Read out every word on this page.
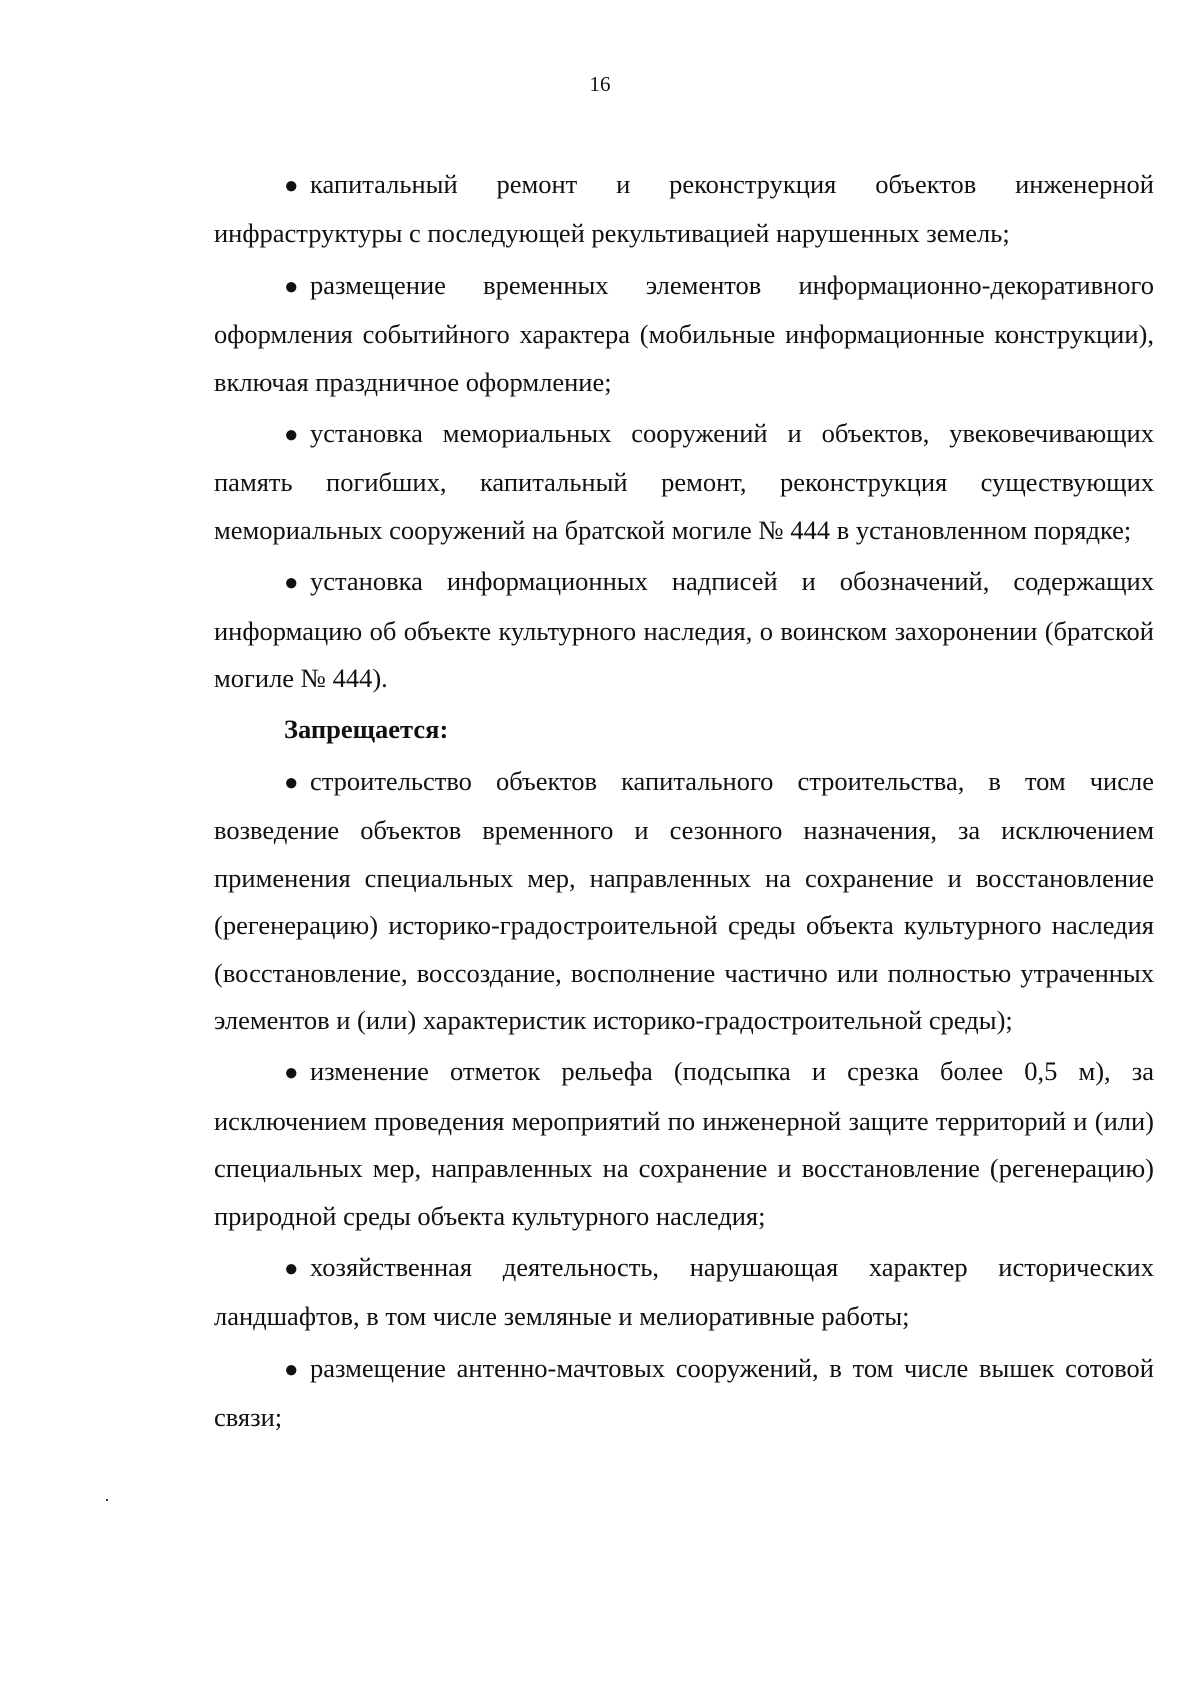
16

● капитальный ремонт и реконструкция объектов инженерной инфраструктуры с последующей рекультивацией нарушенных земель;

● размещение временных элементов информационно-декоративного оформления событийного характера (мобильные информационные конструкции), включая праздничное оформление;

● установка мемориальных сооружений и объектов, увековечивающих память погибших, капитальный ремонт, реконструкция существующих мемориальных сооружений на братской могиле № 444 в установленном порядке;

● установка информационных надписей и обозначений, содержащих информацию об объекте культурного наследия, о воинском захоронении (братской могиле № 444).

Запрещается:

● строительство объектов капитального строительства, в том числе возведение объектов временного и сезонного назначения, за исключением применения специальных мер, направленных на сохранение и восстановление (регенерацию) историко-градостроительной среды объекта культурного наследия (восстановление, воссоздание, восполнение частично или полностью утраченных элементов и (или) характеристик историко-градостроительной среды);

● изменение отметок рельефа (подсыпка и срезка более 0,5 м), за исключением проведения мероприятий по инженерной защите территорий и (или) специальных мер, направленных на сохранение и восстановление (регенерацию) природной среды объекта культурного наследия;

● хозяйственная деятельность, нарушающая характер исторических ландшафтов, в том числе земляные и мелиоративные работы;

● размещение антенно-мачтовых сооружений, в том числе вышек сотовой связи;
